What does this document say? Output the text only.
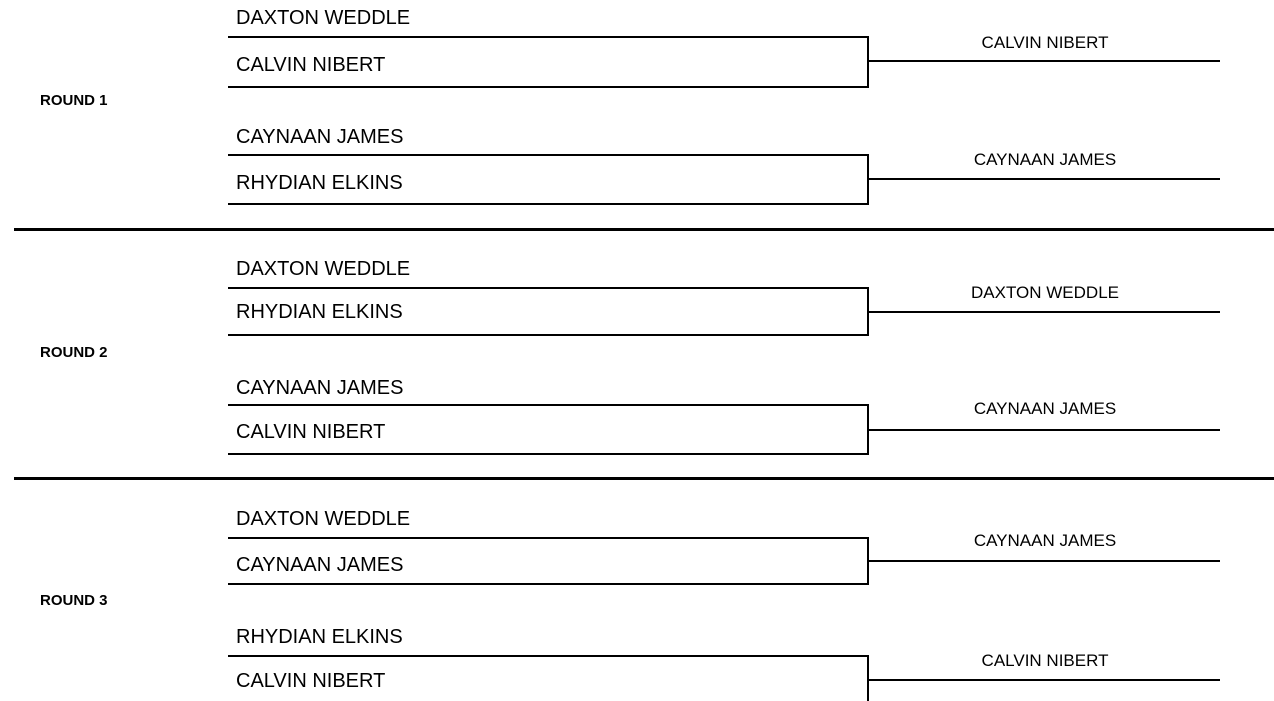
ROUND 1
DAXTON WEDDLE
CALVIN NIBERT
CALVIN NIBERT
CAYNAAN JAMES
RHYDIAN ELKINS
CAYNAAN JAMES
ROUND 2
DAXTON WEDDLE
RHYDIAN ELKINS
DAXTON WEDDLE
CAYNAAN JAMES
CALVIN NIBERT
CAYNAAN JAMES
ROUND 3
DAXTON WEDDLE
CAYNAAN JAMES
CAYNAAN JAMES
RHYDIAN ELKINS
CALVIN NIBERT
CALVIN NIBERT
